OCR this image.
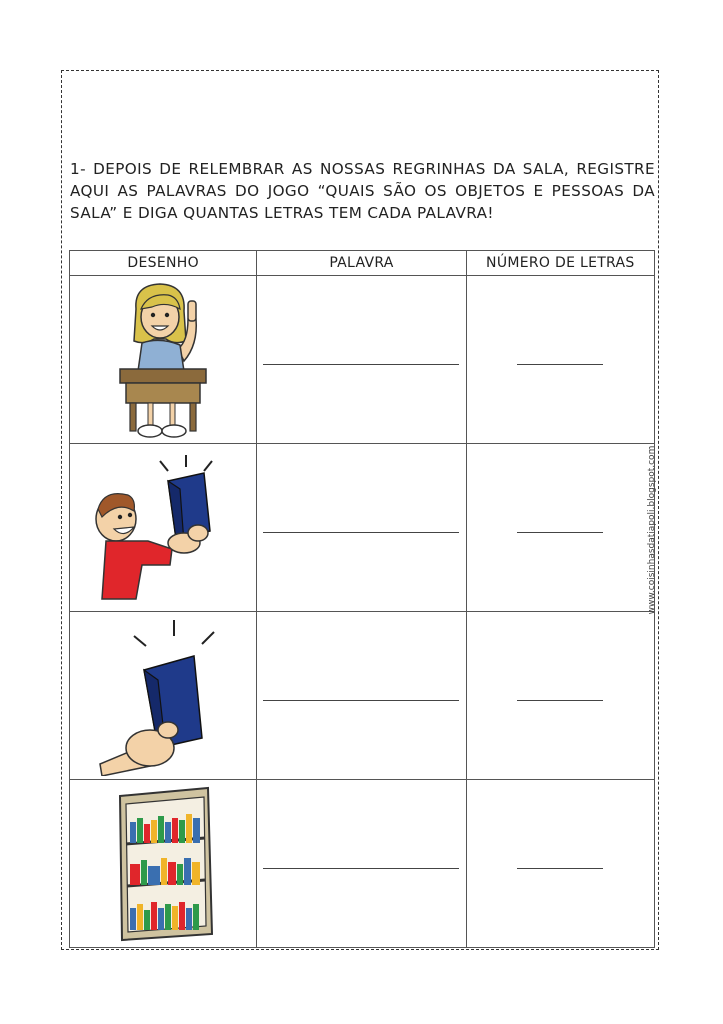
1- DEPOIS DE RELEMBRAR AS NOSSAS REGRINHAS DA SALA, REGISTRE
AQUI AS PALAVRAS DO JOGO “QUAIS SÃO OS OBJETOS E PESSOAS DA
SALA” E DIGA QUANTAS LETRAS TEM CADA PALAVRA!
DESENHO	PALAVRA	NÚMERO DE LETRAS

www.coisinhasdatiapoli.blogspot.com
